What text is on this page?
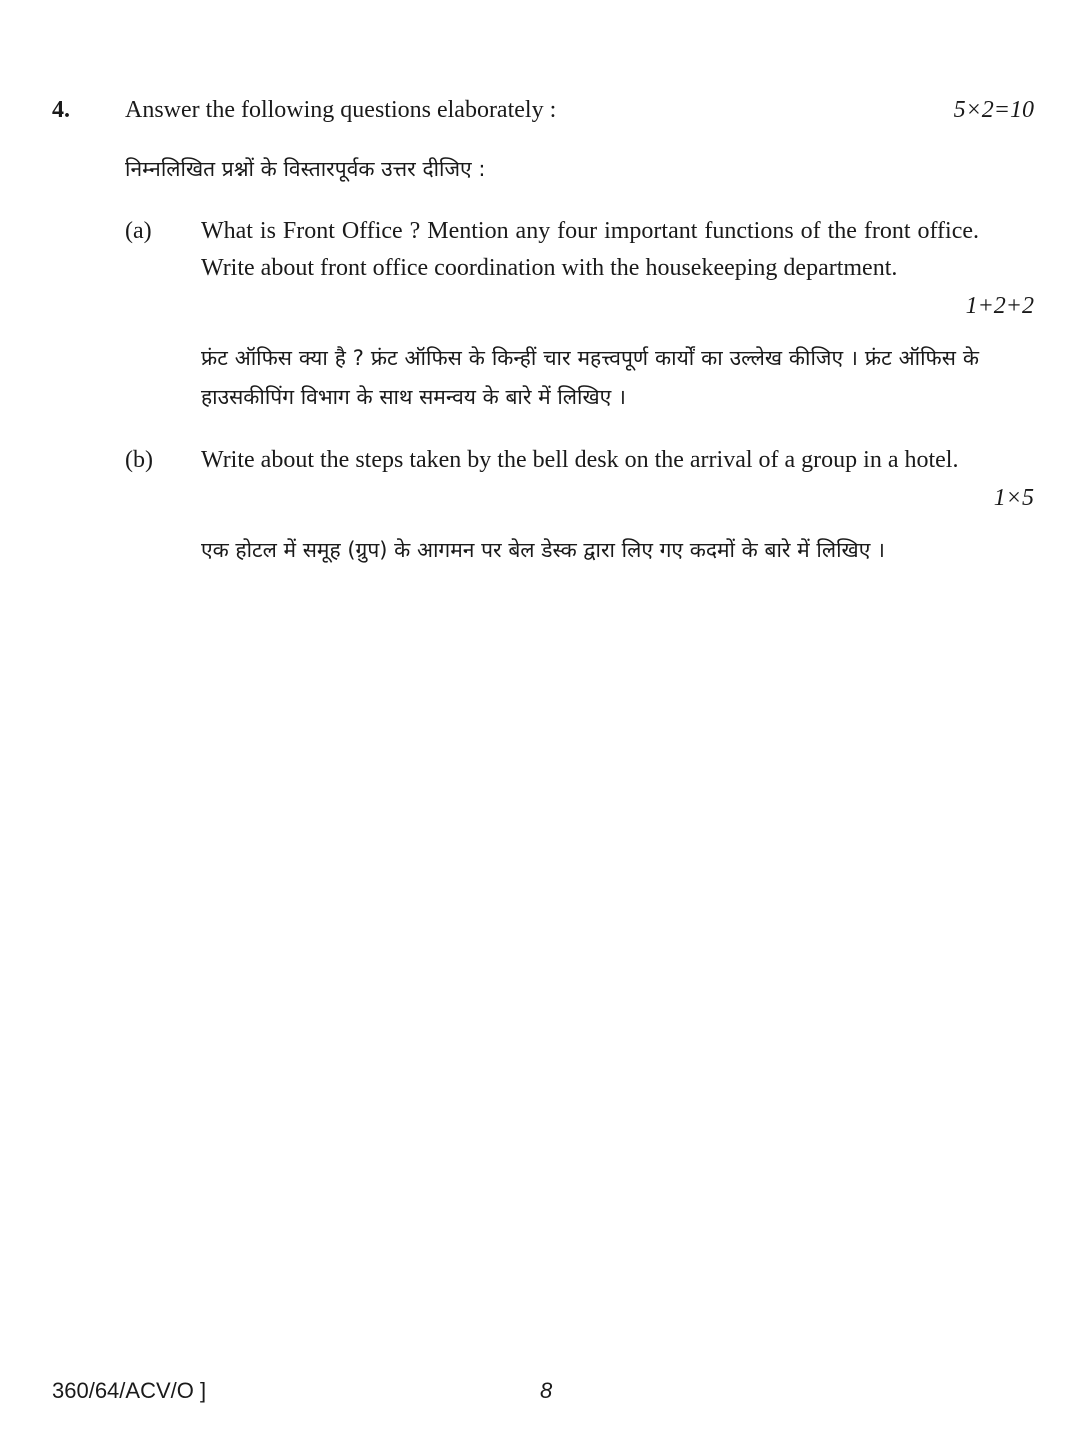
4. Answer the following questions elaborately :	5×2=10
निम्नलिखित प्रश्नों के विस्तारपूर्वक उत्तर दीजिए :
(a) What is Front Office ? Mention any four important functions of the front office. Write about front office coordination with the housekeeping department.
1+2+2
फ्रंट ऑफिस क्या है ? फ्रंट ऑफिस के किन्हीं चार महत्त्वपूर्ण कार्यों का उल्लेख कीजिए । फ्रंट ऑफिस के हाउसकीपिंग विभाग के साथ समन्वय के बारे में लिखिए ।
(b) Write about the steps taken by the bell desk on the arrival of a group in a hotel.
1×5
एक होटल में समूह (ग्रुप) के आगमन पर बेल डेस्क द्वारा लिए गए कदमों के बारे में लिखिए ।
360/64/ACV/O ]	8
